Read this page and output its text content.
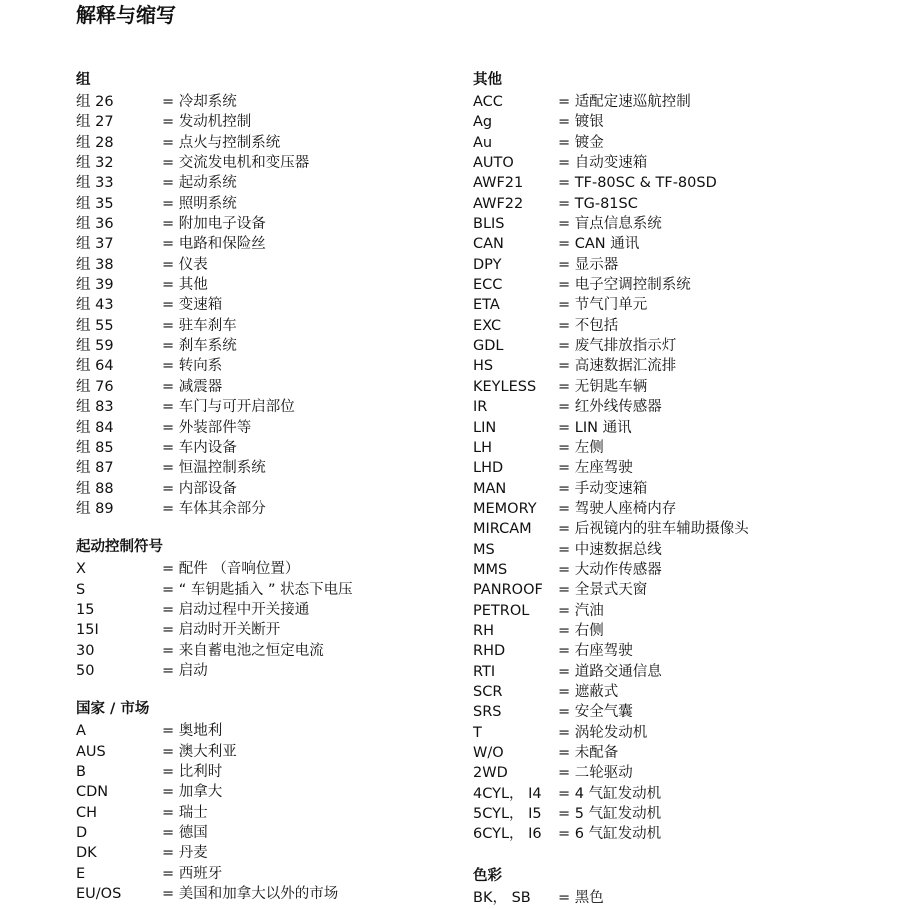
解释与缩写
组
组 26	= 冷却系统
组 27	= 发动机控制
组 28	= 点火与控制系统
组 32	= 交流发电机和变压器
组 33	= 起动系统
组 35	= 照明系统
组 36	= 附加电子设备
组 37	= 电路和保险丝
组 38	= 仪表
组 39	= 其他
组 43	= 变速箱
组 55	= 驻车刹车
组 59	= 刹车系统
组 64	= 转向系
组 76	= 减震器
组 83	= 车门与可开启部位
组 84	= 外装部件等
组 85	= 车内设备
组 87	= 恒温控制系统
组 88	= 内部设备
组 89	= 车体其余部分
起动控制符号
X	= 配件 （音响位置）
S	= “ 车钥匙插入 ” 状态下电压
15	= 启动过程中开关接通
15I	= 启动时开关断开
30	= 来自蓄电池之恒定电流
50	= 启动
国家 / 市场
A	= 奥地利
AUS	= 澳大利亚
B	= 比利时
CDN	= 加拿大
CH	= 瑞士
D	= 德国
DK	= 丹麦
E	= 西班牙
EU/OS	= 美国和加拿大以外的市场
其他
ACC	= 适配定速巡航控制
Ag	= 镀银
Au	= 镀金
AUTO	= 自动变速箱
AWF21 = TF-80SC & TF-80SD
AWF22 = TG-81SC
BLIS	= 盲点信息系统
CAN	= CAN 通讯
DPY	= 显示器
ECC	= 电子空调控制系统
ETA	= 节气门单元
EXC	= 不包括
GDL	= 废气排放指示灯
HS	= 高速数据汇流排
KEYLESS = 无钥匙车辆
IR	= 红外线传感器
LIN	= LIN 通讯
LH	= 左侧
LHD	= 左座驾驶
MAN	= 手动变速箱
MEMORY = 驾驶人座椅内存
MIRCAM = 后视镜内的驻车辅助摄像头
MS	= 中速数据总线
MMS	= 大动作传感器
PANROOF = 全景式天窗
PETROL = 汽油
RH	= 右侧
RHD	= 右座驾驶
RTI	= 道路交通信息
SCR	= 遮蔽式
SRS	= 安全气囊
T	= 涡轮发动机
W/O	= 未配备
2WD	= 二轮驱动
4CYL， I4 = 4 气缸发动机
5CYL， I5 = 5 气缸发动机
6CYL， I6 = 6 气缸发动机
色彩
BK， SB = 黑色
